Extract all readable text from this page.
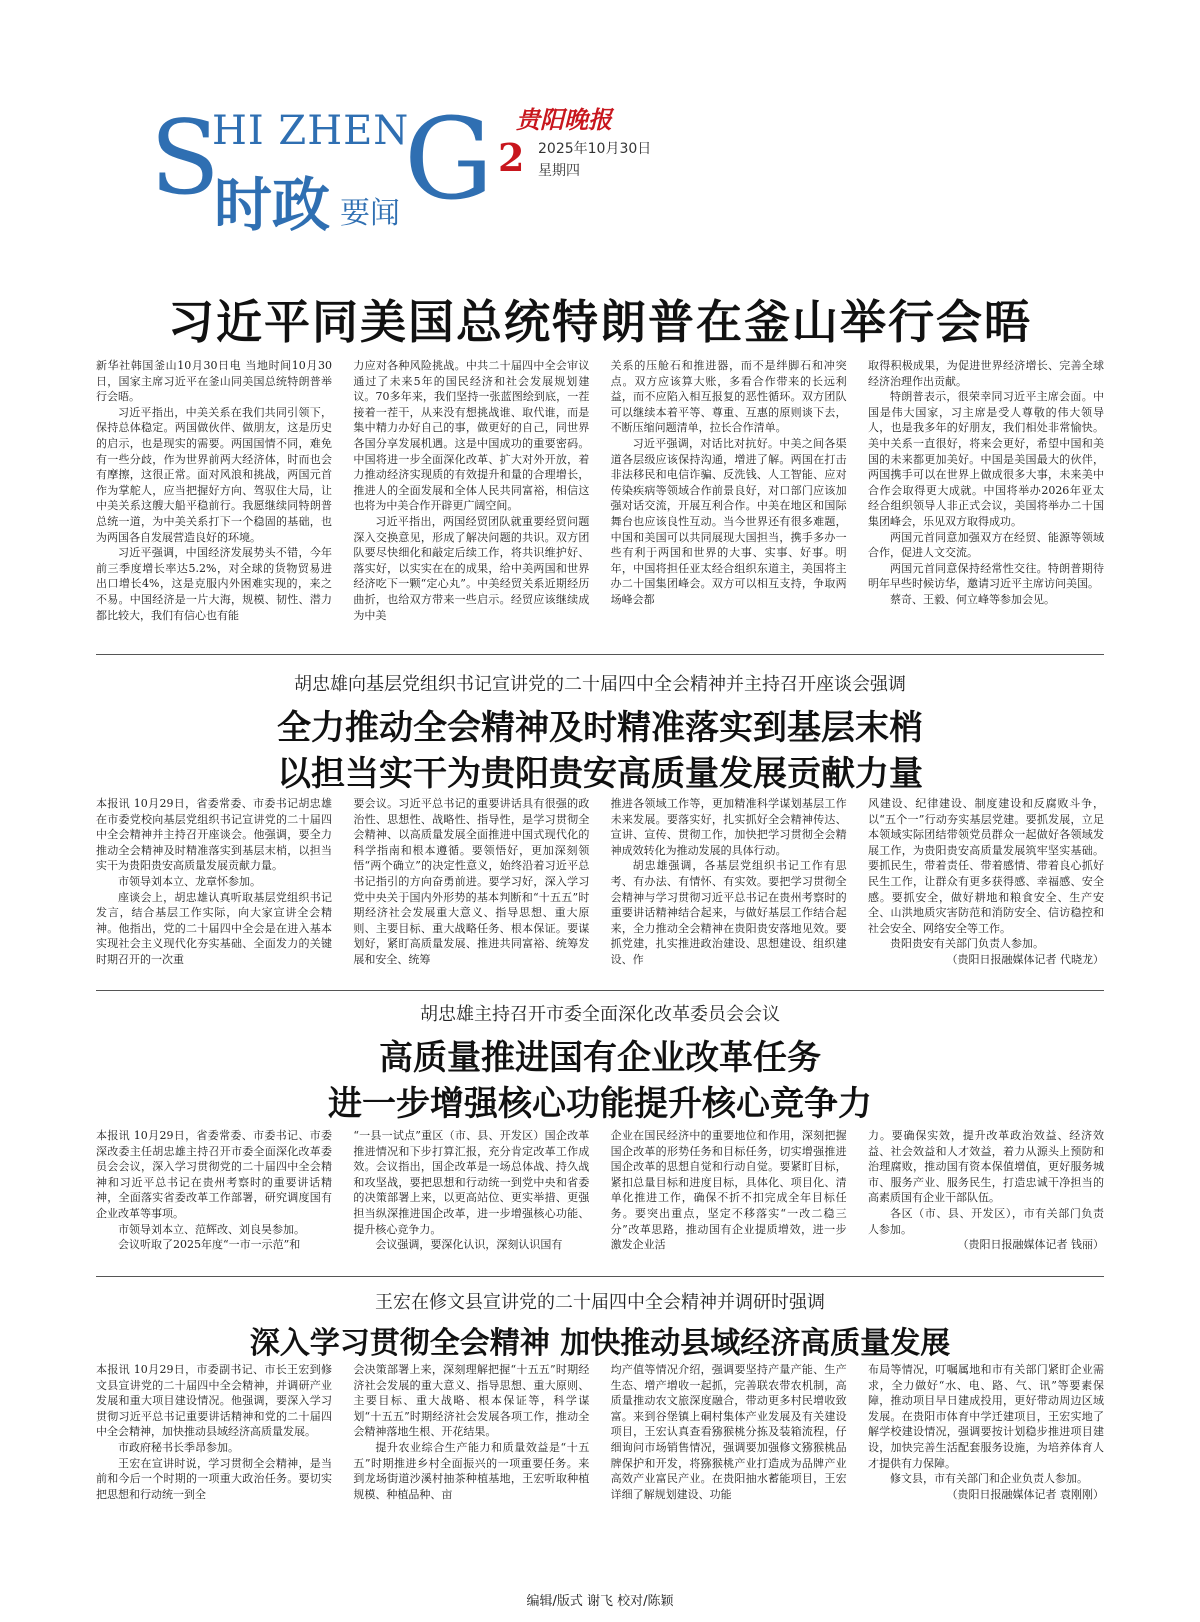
S
HI ZHEN
G
时政 要闻
贵阳晚报
2 2025年10月30日
星期四
习近平同美国总统特朗普在釜山举行会晤

新华社韩国釜山10月30日电 当地时间10月30日，国家主席习近平在釜山同美国总统特朗普举行会晤。

习近平指出，中美关系在我们共同引领下，保持总体稳定。两国做伙伴、做朋友，这是历史的启示，也是现实的需要。两国国情不同，难免有一些分歧，作为世界前两大经济体，时而也会有摩擦，这很正常。面对风浪和挑战，两国元首作为掌舵人，应当把握好方向、驾驭住大局，让中美关系这艘大船平稳前行。我愿继续同特朗普总统一道，为中美关系打下一个稳固的基础，也为两国各自发展营造良好的环境。

习近平强调，中国经济发展势头不错，今年前三季度增长率达5.2%，对全球的货物贸易进出口增长4%，这是克服内外困难实现的，来之不易。中国经济是一片大海，规模、韧性、潜力都比较大，我们有信心也有能

力应对各种风险挑战。中共二十届四中全会审议通过了未来5年的国民经济和社会发展规划建议。70多年来，我们坚持一张蓝图绘到底，一茬接着一茬干，从来没有想挑战谁、取代谁，而是集中精力办好自己的事，做更好的自己，同世界各国分享发展机遇。这是中国成功的重要密码。中国将进一步全面深化改革、扩大对外开放，着力推动经济实现质的有效提升和量的合理增长，推进人的全面发展和全体人民共同富裕，相信这也将为中美合作开辟更广阔空间。

习近平指出，两国经贸团队就重要经贸问题深入交换意见，形成了解决问题的共识。双方团队要尽快细化和敲定后续工作，将共识维护好、落实好，以实实在在的成果，给中美两国和世界经济吃下一颗“定心丸”。中美经贸关系近期经历曲折，也给双方带来一些启示。经贸应该继续成为中美

关系的压舱石和推进器，而不是绊脚石和冲突点。双方应该算大账，多看合作带来的长远利益，而不应陷入相互报复的恶性循环。双方团队可以继续本着平等、尊重、互惠的原则谈下去，不断压缩问题清单，拉长合作清单。

习近平强调，对话比对抗好。中美之间各渠道各层级应该保持沟通，增进了解。两国在打击非法移民和电信诈骗、反洗钱、人工智能、应对传染疾病等领域合作前景良好，对口部门应该加强对话交流，开展互利合作。中美在地区和国际舞台也应该良性互动。当今世界还有很多难题，中国和美国可以共同展现大国担当，携手多办一些有利于两国和世界的大事、实事、好事。明年，中国将担任亚太经合组织东道主，美国将主办二十国集团峰会。双方可以相互支持，争取两场峰会都

取得积极成果，为促进世界经济增长、完善全球经济治理作出贡献。

特朗普表示，很荣幸同习近平主席会面。中国是伟大国家，习主席是受人尊敬的伟大领导人，也是我多年的好朋友，我们相处非常愉快。美中关系一直很好，将来会更好，希望中国和美国的未来都更加美好。中国是美国最大的伙伴，两国携手可以在世界上做成很多大事，未来美中合作会取得更大成就。中国将举办2026年亚太经合组织领导人非正式会议，美国将举办二十国集团峰会，乐见双方取得成功。

两国元首同意加强双方在经贸、能源等领域合作，促进人文交流。

两国元首同意保持经常性交往。特朗普期待明年早些时候访华，邀请习近平主席访问美国。

蔡奇、王毅、何立峰等参加会见。

胡忠雄向基层党组织书记宣讲党的二十届四中全会精神并主持召开座谈会强调
全力推动全会精神及时精准落实到基层末梢
以担当实干为贵阳贵安高质量发展贡献力量

本报讯 10月29日，省委常委、市委书记胡忠雄在市委党校向基层党组织书记宣讲党的二十届四中全会精神并主持召开座谈会。他强调，要全力推动全会精神及时精准落实到基层末梢，以担当实干为贵阳贵安高质量发展贡献力量。

市领导刘本立、龙章怀参加。

座谈会上，胡忠雄认真听取基层党组织书记发言，结合基层工作实际，向大家宣讲全会精神。他指出，党的二十届四中全会是在进入基本实现社会主义现代化夯实基础、全面发力的关键时期召开的一次重

要会议。习近平总书记的重要讲话具有很强的政治性、思想性、战略性、指导性，是学习贯彻全会精神、以高质量发展全面推进中国式现代化的科学指南和根本遵循。要领悟好，更加深刻领悟“两个确立”的决定性意义，始终沿着习近平总书记指引的方向奋勇前进。要学习好，深入学习党中央关于国内外形势的基本判断和“十五五”时期经济社会发展重大意义、指导思想、重大原则、主要目标、重大战略任务、根本保证。要谋划好，紧盯高质量发展、推进共同富裕、统筹发展和安全、统筹

推进各领域工作等，更加精准科学谋划基层工作未来发展。要落实好，扎实抓好全会精神传达、宣讲、宣传、贯彻工作，加快把学习贯彻全会精神成效转化为推动发展的具体行动。

胡忠雄强调，各基层党组织书记工作有思考、有办法、有情怀、有实效。要把学习贯彻全会精神与学习贯彻习近平总书记在贵州考察时的重要讲话精神结合起来，与做好基层工作结合起来，全力推动全会精神在贵阳贵安落地见效。要抓党建，扎实推进政治建设、思想建设、组织建设、作

风建设、纪律建设、制度建设和反腐败斗争，以“五个一”行动夯实基层党建。要抓发展，立足本领域实际团结带领党员群众一起做好各领域发展工作，为贵阳贵安高质量发展筑牢坚实基础。要抓民生，带着责任、带着感情、带着良心抓好民生工作，让群众有更多获得感、幸福感、安全感。要抓安全，做好耕地和粮食安全、生产安全、山洪地质灾害防范和消防安全、信访稳控和社会安全、网络安全等工作。

贵阳贵安有关部门负责人参加。

（贵阳日报融媒体记者 代晓龙）

胡忠雄主持召开市委全面深化改革委员会会议
高质量推进国有企业改革任务
进一步增强核心功能提升核心竞争力

本报讯 10月29日，省委常委、市委书记、市委深改委主任胡忠雄主持召开市委全面深化改革委员会会议，深入学习贯彻党的二十届四中全会精神和习近平总书记在贵州考察时的重要讲话精神，全面落实省委改革工作部署，研究调度国有企业改革等事项。

市领导刘本立、范辉改、刘良昊参加。

会议听取了2025年度“一市一示范”和

“一县一试点”重区（市、县、开发区）国企改革推进情况和下步打算汇报，充分肯定改革工作成效。会议指出，国企改革是一场总体战、持久战和攻坚战，要把思想和行动统一到党中央和省委的决策部署上来，以更高站位、更实举措、更强担当纵深推进国企改革，进一步增强核心功能、提升核心竞争力。

会议强调，要深化认识，深刻认识国有

企业在国民经济中的重要地位和作用，深刻把握国企改革的形势任务和目标任务，切实增强推进国企改革的思想自觉和行动自觉。要紧盯目标，紧扣总量目标和进度目标，具体化、项目化、清单化推进工作，确保不折不扣完成全年目标任务。要突出重点，坚定不移落实“一改二稳三分”改革思路，推动国有企业提质增效，进一步激发企业活

力。要确保实效，提升改革政治效益、经济效益、社会效益和人才效益，着力从源头上预防和治理腐败，推动国有资本保值增值，更好服务城市、服务产业、服务民生，打造忠诚干净担当的高素质国有企业干部队伍。

各区（市、县、开发区），市有关部门负责人参加。

（贵阳日报融媒体记者 钱丽）

王宏在修文县宣讲党的二十届四中全会精神并调研时强调
深入学习贯彻全会精神 加快推动县域经济高质量发展

本报讯 10月29日，市委副书记、市长王宏到修文县宣讲党的二十届四中全会精神，并调研产业发展和重大项目建设情况。他强调，要深入学习贯彻习近平总书记重要讲话精神和党的二十届四中全会精神，加快推动县域经济高质量发展。

市政府秘书长季昂参加。

王宏在宣讲时说，学习贯彻全会精神，是当前和今后一个时期的一项重大政治任务。要切实把思想和行动统一到全

会决策部署上来，深刻理解把握“十五五”时期经济社会发展的重大意义、指导思想、重大原则、主要目标、重大战略、根本保证等，科学谋划“十五五”时期经济社会发展各项工作，推动全会精神落地生根、开花结果。

提升农业综合生产能力和质量效益是“十五五”时期推进乡村全面振兴的一项重要任务。来到龙场街道沙溪村抽茶种植基地，王宏听取种植规模、种植品种、亩

均产值等情况介绍，强调要坚持产量产能、生产生态、增产增收一起抓，完善联农带农机制，高质量推动农文旅深度融合，带动更多村民增收致富。来到谷堡镇上硐村集体产业发展及有关建设项目，王宏认真查看猕猴桃分拣及装箱流程，仔细询问市场销售情况，强调要加强修文猕猴桃品牌保护和开发，将猕猴桃产业打造成为品牌产业高效产业富民产业。在贵阳抽水蓄能项目，王宏详细了解规划建设、功能

布局等情况，叮嘱属地和市有关部门紧盯企业需求，全力做好“水、电、路、气、讯”等要素保障，推动项目早日建成投用，更好带动周边区域发展。在贵阳市体育中学迁建项目，王宏实地了解学校建设情况，强调要按计划稳步推进项目建设，加快完善生活配套服务设施，为培养体育人才提供有力保障。

修文县，市有关部门和企业负责人参加。

（贵阳日报融媒体记者 袁刚刚）

编辑/版式 谢飞 校对/陈颖
